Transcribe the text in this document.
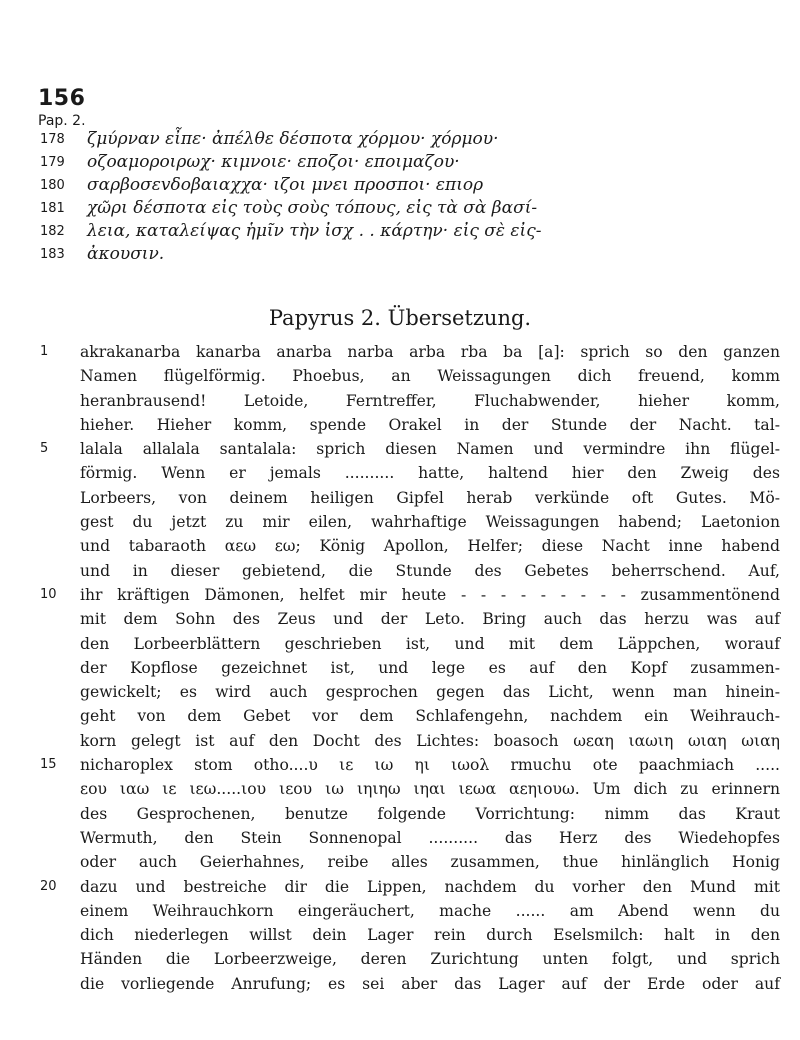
156
Pap. 2.
178	ζμύρναν εἶπε· ἀπέλθε δέσποτα χόρμου· χόρμου·
179	οζοαμοροιρωχ· κιμνοιε· επoζοι· επoιμαζου·
180	σαρβοσεvδoβαιαχχα· ιζοι μνει προσποι· επιορ
181	χῶρι δέσποτα εἰς τοὺς σοὺς τόπους, εἰς τὰ σὰ βασί-
182	λεια, καταλείψας ἡμῖν τὴν ἰσχ . . κάρτην· εἰς σὲ εἰς-
183	ἀκουσιν.
Papyrus 2. Übersetzung.
1	akrakanarba kanarba anarba narba arba rba ba [a]: sprich so den ganzen
Namen flügelförmig. Phoebus, an Weissagungen dich freuend, komm
heranbrausend! Letoide, Ferntreffer, Fluchabwender, hieher komm,
hieher. Hieher komm, spende Orakel in der Stunde der Nacht. tal-
5	lalala allalala santalala: sprich diesen Namen und vermindre ihn flügel-
förmig. Wenn er jemals .......... hatte, haltend hier den Zweig des
Lorbeers, von deinem heiligen Gipfel herab verkünde oft Gutes. Mö-
gest du jetzt zu mir eilen, wahrhaftige Weissagungen habend; Laetonion
und tabaraoth αεω εω; König Apollon, Helfer; diese Nacht inne habend
und in dieser gebietend, die Stunde des Gebetes beherrschend. Auf,
10	ihr kräftigen Dämonen, helfet mir heute - - - - - - - - - zusammentönend
mit dem Sohn des Zeus und der Leto. Bring auch das herzu was auf
den Lorbeerblättern geschrieben ist, und mit dem Läppchen, worauf
der Kopflose gezeichnet ist, und lege es auf den Kopf zusammen-
gewickelt; es wird auch gesprochen gegen das Licht, wenn man hinein-
geht von dem Gebet vor dem Schlafengehn, nachdem ein Weihrauch-
korn gelegt ist auf den Docht des Lichtes: boasoch ωεαη ιαωιη ωιαη ωιαη
15	nicharoplex stom otho....υ ιε ιω ηι ιωολ rmuchu ote paachmiach .....
εου ιαω ιε ιεω.....ιου ιεου ιω ιηιηω ιηαι ιεωα αεηιουω. Um dich zu erinnern
des Gesprochenen, benutze folgende Vorrichtung: nimm das Kraut
Wermuth, den Stein Sonnenopal .......... das Herz des Wiedehopfes
oder auch Geierhahnes, reibe alles zusammen, thue hinlänglich Honig
20	dazu und bestreiche dir die Lippen, nachdem du vorher den Mund mit
einem Weihrauchkorn eingeräuchert, mache ...... am Abend wenn du
dich niederlegen willst dein Lager rein durch Eselsmilch: halt in den
Händen die Lorbeerzweige, deren Zurichtung unten folgt, und sprich
die vorliegende Anrufung; es sei aber das Lager auf der Erde oder auf
